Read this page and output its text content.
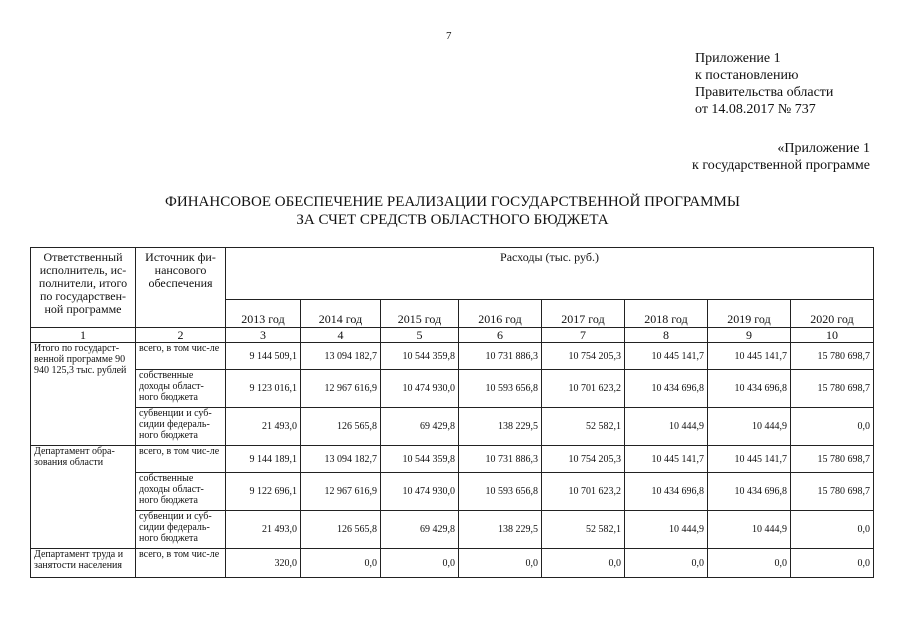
7
Приложение 1
к постановлению
Правительства области
от 14.08.2017 № 737
«Приложение 1
к государственной программе
ФИНАНСОВОЕ ОБЕСПЕЧЕНИЕ РЕАЛИЗАЦИИ ГОСУДАРСТВЕННОЙ ПРОГРАММЫ
ЗА СЧЕТ СРЕДСТВ ОБЛАСТНОГО БЮДЖЕТА
Ответственный исполнитель, ис-полнители, итого по государствен-ной программе	Источник фи-нансового обеспечения	Расходы (тыс. руб.)							
		2013 год	2014 год	2015 год	2016 год	2017 год	2018 год	2019 год	2020 год
1	2	3	4	5	6	7	8	9	10
Итого по государст-венной программе 90 940 125,3 тыс. рублей	всего, в том чис-ле	9 144 509,1	13 094 182,7	10 544 359,8	10 731 886,3	10 754 205,3	10 445 141,7	10 445 141,7	15 780 698,7
	собственные доходы област-ного бюджета	9 123 016,1	12 967 616,9	10 474 930,0	10 593 656,8	10 701 623,2	10 434 696,8	10 434 696,8	15 780 698,7
	субвенции и суб-сидии федераль-ного бюджета	21 493,0	126 565,8	69 429,8	138 229,5	52 582,1	10 444,9	10 444,9	0,0
Департамент обра-зования области	всего, в том чис-ле	9 144 189,1	13 094 182,7	10 544 359,8	10 731 886,3	10 754 205,3	10 445 141,7	10 445 141,7	15 780 698,7
	собственные доходы област-ного бюджета	9 122 696,1	12 967 616,9	10 474 930,0	10 593 656,8	10 701 623,2	10 434 696,8	10 434 696,8	15 780 698,7
	субвенции и суб-сидии федераль-ного бюджета	21 493,0	126 565,8	69 429,8	138 229,5	52 582,1	10 444,9	10 444,9	0,0
Департамент труда и занятости населения	всего, в том чис-ле	320,0	0,0	0,0	0,0	0,0	0,0	0,0	0,0
